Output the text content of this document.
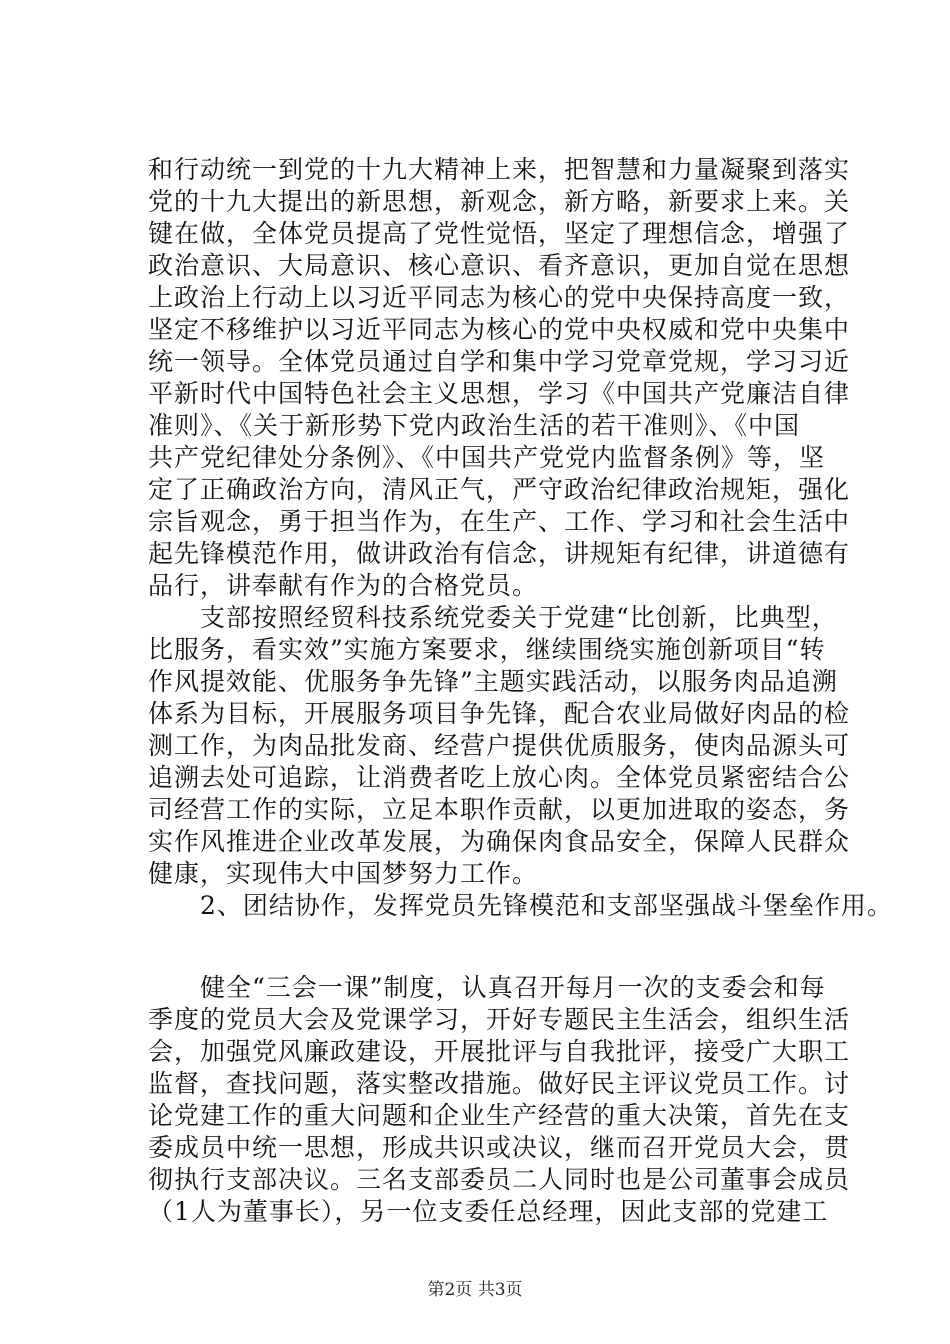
和行动统一到党的十九大精神上来，把智慧和力量凝聚到落实
党的十九大提出的新思想，新观念，新方略，新要求上来。关
键在做，全体党员提高了党性觉悟，坚定了理想信念，增强了
政治意识、大局意识、核心意识、看齐意识，更加自觉在思想
上政治上行动上以习近平同志为核心的党中央保持高度一致，
坚定不移维护以习近平同志为核心的党中央权威和党中央集中
统一领导。全体党员通过自学和集中学习党章党规，学习习近
平新时代中国特色社会主义思想，学习《中国共产党廉洁自律
准则》、《关于新形势下党内政治生活的若干准则》、《中国
共产党纪律处分条例》、《中国共产党党内监督条例》等，坚
定了正确政治方向，清风正气，严守政治纪律政治规矩，强化
宗旨观念，勇于担当作为，在生产、工作、学习和社会生活中
起先锋模范作用，做讲政治有信念，讲规矩有纪律，讲道德有
品行，讲奉献有作为的合格党员。
　　支部按照经贸科技系统党委关于党建“比创新，比典型，
比服务，看实效”实施方案要求，继续围绕实施创新项目“转
作风提效能、优服务争先锋”主题实践活动，以服务肉品追溯
体系为目标，开展服务项目争先锋，配合农业局做好肉品的检
测工作，为肉品批发商、经营户提供优质服务，使肉品源头可
追溯去处可追踪，让消费者吃上放心肉。全体党员紧密结合公
司经营工作的实际，立足本职作贡献，以更加进取的姿态，务
实作风推进企业改革发展，为确保肉食品安全，保障人民群众
健康，实现伟大中国梦努力工作。
　　2、团结协作，发挥党员先锋模范和支部坚强战斗堡垒作用。
　　健全“三会一课”制度，认真召开每月一次的支委会和每
季度的党员大会及党课学习，开好专题民主生活会，组织生活
会，加强党风廉政建设，开展批评与自我批评，接受广大职工
监督，查找问题，落实整改措施。做好民主评议党员工作。讨
论党建工作的重大问题和企业生产经营的重大决策，首先在支
委成员中统一思想，形成共识或决议，继而召开党员大会，贯
彻执行支部决议。三名支部委员二人同时也是公司董事会成员
（1人为董事长），另一位支委任总经理，因此支部的党建工
第2页 共3页
